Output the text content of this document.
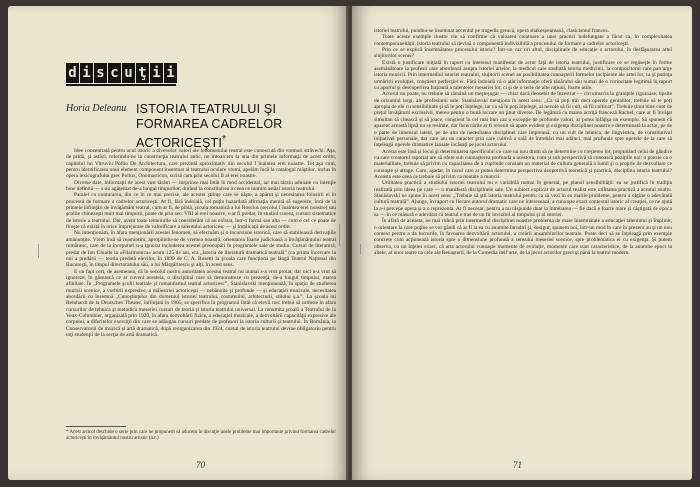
d i s c u ţ i i
Horia Deleanu ISTORIA TEATRULUI ŞI FORMAREA CADRELOR ACTORICEŞTI*

Idee concentrată pentru ucul istoric a diversilor valori ale fenomenului teatral este cunoscută din vremuri străvechi. Aşa, de pildă, şi astăzi, referindu-ne la construcţia teatrului antic, ne întoarcem la una din primele informaţii de acest ordin, capitolul lui Vitruviu Pollio De Architectura, care prezintă aproximativ din secolul I înaintea erei noastre. Tot aşa cum, pentru identificarea unui element component însemnat al teatrului oculare vremi, apelăm încă la catalogul măştilor, inclus în opera lexicografului grec Pollux, Onomasticon, scrisă cam prin secolul II al erei noastre.

Diverse date, informaţii de acest vast tărâm — surprinse mai întâi în mod accidental, iar mai târziu adunate cu intenţie bine definită — s-au agăţemat de-a lungul timpurilor, durând la constituirea a ceea ce numim astăzi istoria teatrului.

Paralel cu conturarea, din ce în ce mai precise, ale acestei ştiinţe care se năşte, a apărut şi necesitatea folosirii ei în procesul de formare a cadrelor actoriceşti. Ar fi, fără îndoială, cel puţin hazardată afirmaţia menită să sugereze, încă de la primele înfiinţări de învăţământ teatral, cum ar fi, de pildă, şcoala romanică a lui Roscius (secolul I înaintea erei noastre) sau şcolile chinezeşti mult mai timpurii, poate de prin sec. VIII al erei noastre, s-ar fi predat, în studiul curent, cursuri sistematice de istorie a teatrului. Dar, avem toate temeiurile să considerăm că au existat, într-o formă sau alta — cum e cel ce poate de fireşte că există în orice împrejurare de valorificare a talentului actoricesc — şi implicaţii de acest ordin.

Nu intenţionăm, în afara menţionării acestei fenomen, să efectuăm şi o incursiune istorică, care să stabilească derivaţiile amănunţite. Vrem însă să reamintim, apropiindu-ne de vremea noastră, orientarea foarte judicioasă a învăţământului teatral românesc, care de la începuturi n-a ignorat includerea acestei preocupări în programele sale de studiu. Cursul de literatură, predat de Ion Ghiadu la «Filarmonica» acum 125 de ani, era „Istoria de literatură dramatică teatrală” (ca prima încercare la noi a predării — teoria predată elevilor, în 1899 de C. A. Rosetti la şcoala care funcţiona pe lângă Teatrul Naţional din Bucureşti, în timpul directoratului său, a lui Mărgăritescu şi alţi, în acest sens.

E un fapt cert, de asemenea, că în secolul nostru autoritatea acestui teatral nu numai s-a vrut protat, dar nici n-a vrut să ignoreze, în găsească ce ar cuveni acesteia, o disciplină care să demonstreze cu prezenţă, de-a lungul timpului, marea afinitate. În „Programele şcolii teatrale şi romantismul teatral actoricesc”, Stanislavski menţionează, în spaţiu de studierea muzicii scenice, a vorbirii expresive, a măiestriei actoriceşti — nebănuite şi profunde — şi educaţiei muzicale, necesitatea abordării cu însemnă „Cunoştinţelor din domeniul istoriei teatrului, costumului, arhitecturii, stilului ş.a.”. La şcoala lui Reinhardt de la Deutsches Theater, înfiinţată în 1905, se specifica în programul întâi că elevii trec trebui să urmeze în afara cursurilor de tehnica şi metodica meseriei cursuri de teoria şi istoria teatrului universal. La renumita şcoală a Teatrului de la Veux-Colombier, organizată prin 1920, în afara dezvoltării fizice, a educaţiei muzicale, a dezvoltării capacităţii expresive ale corpului, a diferitelor exerciţii din care se adăugau cursuri predate de profesori la istoria culturii şi teatrului. În România, la Conservatorul de muzică şi artă dramatică, după reorganizarea din 1924, cursul de istoria teatrului devine obligatoriu pentru toţi studenţii de la secţia de artă dramatică.

* Acest articol deschide o serie prin care ne propunem să aducem în discuţie unele probleme mai importante privind formarea cadrelor actoriceşti în învăţământul nostru artistic (n.r.)
70

istoriei teatrului, pundnu-se însemnat accentul pe tragedia greacă, opera shakespeareană, clasicismul francez.

Toate aceste exemple ilustre vin să confirme că valoarea creatoare a unei practici îndelungate a făcut ca, în complexitatea contemporaneităţii, istoria teatrului să devină o componentă indivizibilă a procesului de formare a cadrelor actoriceşti.

Prin ce se explică însemnătatea procesului istoric? Intr-un caz ori altul, disciplinele de educaţie a actorului, în desfăşurarea artei slujitorilor scenei?

Există o justificare iniţială în raport cu interesul manifestat de actor faţă de istoria teatrului, justificare ce se regăseşte în forme asemănătoare la profesii care abordează asupra istoriei artelor, la medicul care studiază istoria medicinii, la compozitorul care parcurge istoria muzicii. Prin intermediul istoriei teatrului, slujitorii scenei au posibilitatea cunoaşterii formelor incipiente ale artei lor, ca şi putinţa urmăririi evoluţiei, conştient perfecţiei ei. Fără îndoială că o atât informaţie oferă tânărului său numai de o curiozitate legitimă în raport cu aportul şi descoperirea frapantă a talentelor meseriei lor, ci şi de o serie de alte raţiuni, foarte utile.

Actorul nu poate, nu trebuie să rămână un meşteşugar — chiar dacă deosebit de înzestrat — circumscris la graniţele riguroase, lipsite de orizontul largi, ale profesiunii sale. Stanislavski menţiona în acest sens: „Ca să poţi trăi deci operele genialilor, trebuie să te poţi apropia de ele cu sensibilitate şi să le poţi înţelege, iar ca să le poţi înţelege, ai nevoie să fii cult, să fii cultivat”. Trebuie ţinut bine cont de preţul învăţăturii exclusivii, mereu pentru o bună lucrare un ţinut diverse. De legătură cu marea actriţă franceză Rachel, care ar fi învăţat simultan să citească şi să joace, conştient în cel mai bun caz o excepţie de profunde valori, ar putea înfăţişa un exemplu. Să spunem că aparent această lipsă nu se resimte, dar încercările ar fi revenit să apare evident şi exigenţa disciplinei noastre e determinată la actor, pe de o parte de interesul latent, pe de alta de necesitatea disciplinei care împreună, cu un cult de tehnica, de lingvistica, de constitutivul iniţiativei personale, dar care iau un caracter prin care cultivă o sală de întrebări mai adânci, mai profunde spre operele de la care să înţeleagă operele dramatice lansate încăsaţi pe jocul actorului.

Acesta este însă şi locul şi determinarea specificului cu care un nou drum să ne determine cu creşterea lor, propunând celui de gândire cu care creatorul raportat are să ofere sub cunoaşterea profundă a acestora, cum şi sub perspectivă să cunoască poziţiile noi: o poezie ca o materialitate, trebuie să privim cu capacitatea de a cuprinde constant un material de cultura generală a lumii şi o proprie de dezvoltare ce cunoaşte şi atrage. Cum, aşadar, în cazul care ar putea determina perspectiva deopotrivă teoretică şi practică, disciplina istorie teatrului? Aceasta este ceea ce trebuie să privim ca noutate a muncii.

Utilitatea practică a studiului istoriei teatrului nu e variabilă numai în general, pe planul sensibilităţii: ea se justifică în tradiţia realizată prin ideea pe care — o manifestă disciplinele sale. Un subiect explicat de actorul realist este utilitatea practică a acestui studiu. Stanislavski ne spune în acest sens: „Trebuie să ştii istoria teatrului pentru ca să vezi în ea marile probleme, pentru a obţine o adevărată cultură teatrală”. Ajunge, în raport cu fiecare autorul dramatic care ne interesează, a cunoaşte exact contextul istoric al creaţiei, ce ne ajută la a-i percepe opera şi a o reprezenta. Ar fi necesar, pentru a nu răspunde doar la întrebarea — fie dacă e foarte mare şi câştigată de epoca sa — în ce măsură e adevărat că teatrul e tras de un fir invizibil al timpului şi al istoriei.

În afară de aceasta, ne mai ridică prin intermediul disciplinei noastre problema de mare însemnătate a educaţiei talentului şi împlinit, o orientare la care puţine se vor gândi că ar fi la ea cu anumite înrudiri şi, desigur, spunem noi, într-un mod în care în prezent au şi un nou context pentru a da lucrurile, în favoarea dezvoltării actorului, a creării ansamblurilor teatrale. Poate deci să se înţeleagă prin exemple concrete cum acţionează istoria spre o dimensiune profundă a sensului meseriei scenice, spre problematica ei cu exigenţa. Şi putem observa, cu un înţeles exact, că arta actorului cunoaşte momente de evoluţie, momente care sunt caracteristice, de la anumite epoci la altele, al unor teatre ca cele ale Renaşterii, de la Comedia dell’arte, de la jocul actorilor greci şi până la teatrul modern.

71
